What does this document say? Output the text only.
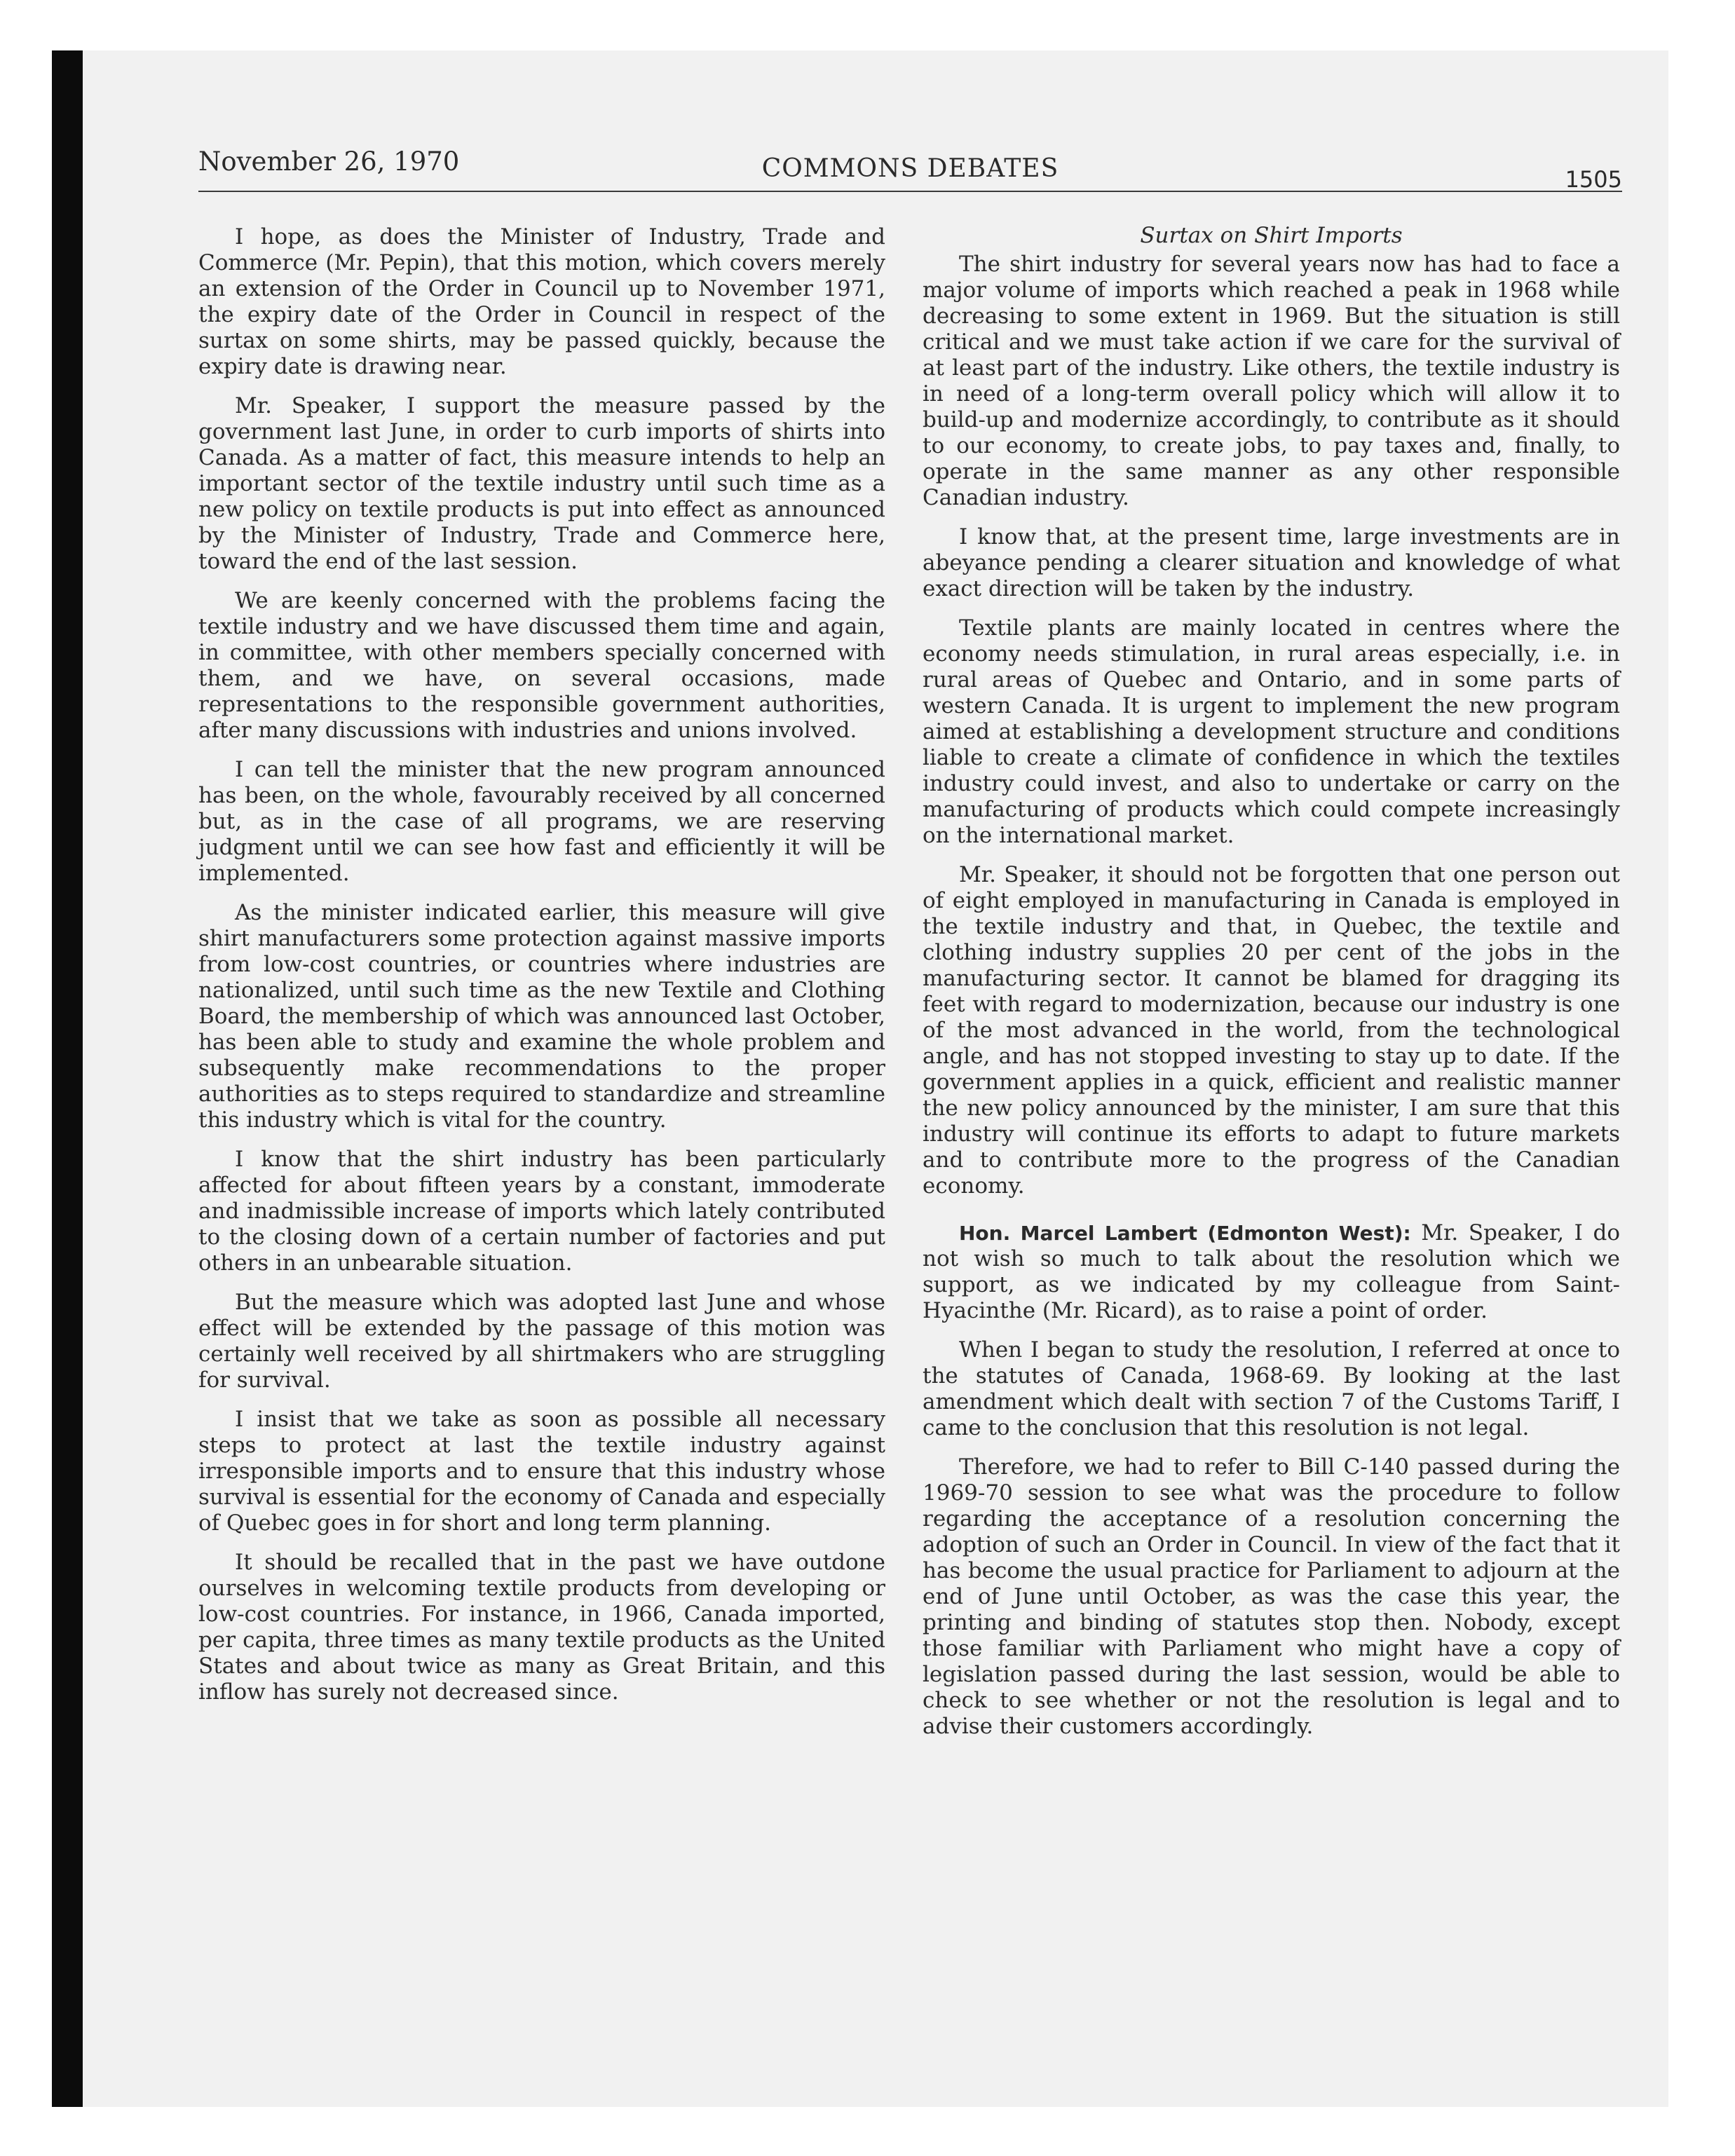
November 26, 1970	COMMONS DEBATES	1505

I hope, as does the Minister of Industry, Trade and Commerce (Mr. Pepin), that this motion, which covers merely an extension of the Order in Council up to November 1971, the expiry date of the Order in Council in respect of the surtax on some shirts, may be passed quickly, because the expiry date is drawing near.

Mr. Speaker, I support the measure passed by the government last June, in order to curb imports of shirts into Canada. As a matter of fact, this measure intends to help an important sector of the textile industry until such time as a new policy on textile products is put into effect as announced by the Minister of Industry, Trade and Commerce here, toward the end of the last session.

We are keenly concerned with the problems facing the textile industry and we have discussed them time and again, in committee, with other members specially concerned with them, and we have, on several occasions, made representations to the responsible government authorities, after many discussions with industries and unions involved.

I can tell the minister that the new program announced has been, on the whole, favourably received by all concerned but, as in the case of all programs, we are reserving judgment until we can see how fast and efficiently it will be implemented.

As the minister indicated earlier, this measure will give shirt manufacturers some protection against massive imports from low-cost countries, or countries where industries are nationalized, until such time as the new Textile and Clothing Board, the membership of which was announced last October, has been able to study and examine the whole problem and subsequently make recommendations to the proper authorities as to steps required to standardize and streamline this industry which is vital for the country.

I know that the shirt industry has been particularly affected for about fifteen years by a constant, immoderate and inadmissible increase of imports which lately contributed to the closing down of a certain number of factories and put others in an unbearable situation.

But the measure which was adopted last June and whose effect will be extended by the passage of this motion was certainly well received by all shirtmakers who are struggling for survival.

I insist that we take as soon as possible all necessary steps to protect at last the textile industry against irresponsible imports and to ensure that this industry whose survival is essential for the economy of Canada and especially of Quebec goes in for short and long term planning.

It should be recalled that in the past we have outdone ourselves in welcoming textile products from developing or low-cost countries. For instance, in 1966, Canada imported, per capita, three times as many textile products as the United States and about twice as many as Great Britain, and this inflow has surely not decreased since.

Surtax on Shirt Imports

The shirt industry for several years now has had to face a major volume of imports which reached a peak in 1968 while decreasing to some extent in 1969. But the situation is still critical and we must take action if we care for the survival of at least part of the industry. Like others, the textile industry is in need of a long-term overall policy which will allow it to build-up and modernize accordingly, to contribute as it should to our economy, to create jobs, to pay taxes and, finally, to operate in the same manner as any other responsible Canadian industry.

I know that, at the present time, large investments are in abeyance pending a clearer situation and knowledge of what exact direction will be taken by the industry.

Textile plants are mainly located in centres where the economy needs stimulation, in rural areas especially, i.e. in rural areas of Quebec and Ontario, and in some parts of western Canada. It is urgent to implement the new program aimed at establishing a development structure and conditions liable to create a climate of confidence in which the textiles industry could invest, and also to undertake or carry on the manufacturing of products which could compete increasingly on the international market.

Mr. Speaker, it should not be forgotten that one person out of eight employed in manufacturing in Canada is employed in the textile industry and that, in Quebec, the textile and clothing industry supplies 20 per cent of the jobs in the manufacturing sector. It cannot be blamed for dragging its feet with regard to modernization, because our industry is one of the most advanced in the world, from the technological angle, and has not stopped investing to stay up to date. If the government applies in a quick, efficient and realistic manner the new policy announced by the minister, I am sure that this industry will continue its efforts to adapt to future markets and to contribute more to the progress of the Canadian economy.

Hon. Marcel Lambert (Edmonton West): Mr. Speaker, I do not wish so much to talk about the resolution which we support, as we indicated by my colleague from Saint-Hyacinthe (Mr. Ricard), as to raise a point of order.

When I began to study the resolution, I referred at once to the statutes of Canada, 1968-69. By looking at the last amendment which dealt with section 7 of the Customs Tariff, I came to the conclusion that this resolution is not legal.

Therefore, we had to refer to Bill C-140 passed during the 1969-70 session to see what was the procedure to follow regarding the acceptance of a resolution concerning the adoption of such an Order in Council. In view of the fact that it has become the usual practice for Parliament to adjourn at the end of June until October, as was the case this year, the printing and binding of statutes stop then. Nobody, except those familiar with Parliament who might have a copy of legislation passed during the last session, would be able to check to see whether or not the resolution is legal and to advise their customers accordingly.
